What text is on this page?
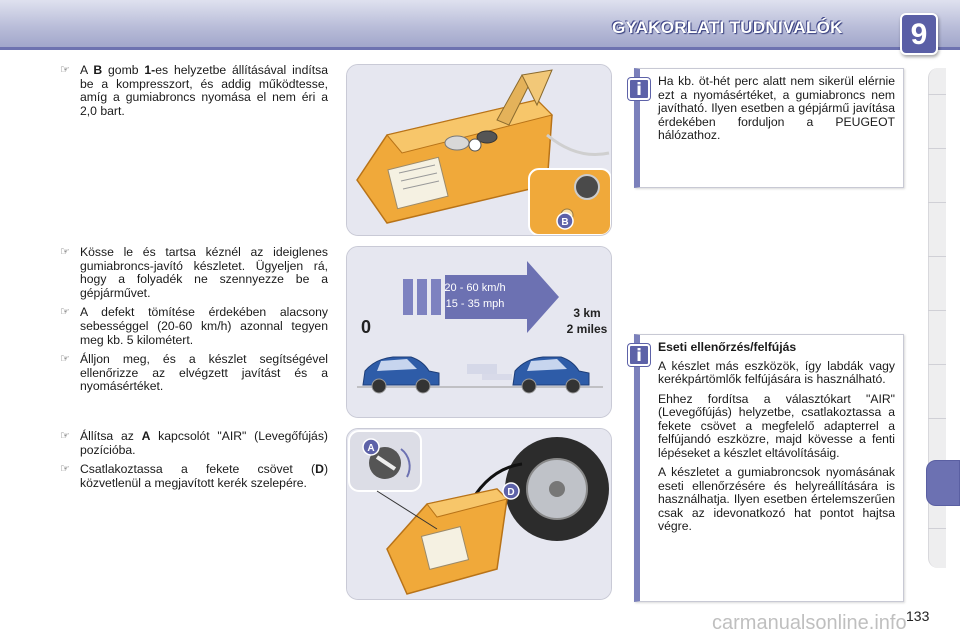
GYAKORLATI TUDNIVALÓK 9
☞ A B gomb 1-es helyzetbe állításával indítsa be a kompresszort, és addig működtesse, amíg a gumiabroncs nyomása el nem éri a 2,0 bart.
☞ Kösse le és tartsa kéznél az ideiglenes gumiabroncs-javító készletet. Ügyeljen rá, hogy a folyadék ne szennyezze be a gépjárművet.
☞ A defekt tömítése érdekében alacsony sebességgel (20-60 km/h) azonnal tegyen meg kb. 5 kilométert.
☞ Álljon meg, és a készlet segítségével ellenőrizze az elvégzett javítást és a nyomásértéket.
☞ Állítsa az A kapcsolót "AIR" (Levegőfújás) pozícióba.
☞ Csatlakoztassa a fekete csövet (D) közvetlenül a megjavított kerék szelepére.
B
20 - 60 km/h
15 - 35 mph
3 km
2 miles
0
A
D
Ha kb. öt-hét perc alatt nem sikerül elérnie ezt a nyomásértéket, a gumiabroncs nem javítható. Ilyen esetben a gépjármű javítása érdekében forduljon a PEUGEOT hálózathoz.
i
Eseti ellenőrzés/felfújás

A készlet más eszközök, így labdák vagy kerékpártömlők felfújására is használható.

Ehhez fordítsa a választókart "AIR" (Levegőfújás) helyzetbe, csatlakoztassa a fekete csövet a megfelelő adapterrel a felfújandó eszközre, majd kövesse a fenti lépéseket a készlet eltávolításáig.

A készletet a gumiabroncsok nyomásának eseti ellenőrzésére és helyreállítására is használhatja. Ilyen esetben értelemszerűen csak az idevonatkozó hat pontot hajtsa végre.

i
carmanualsonline.info 133
